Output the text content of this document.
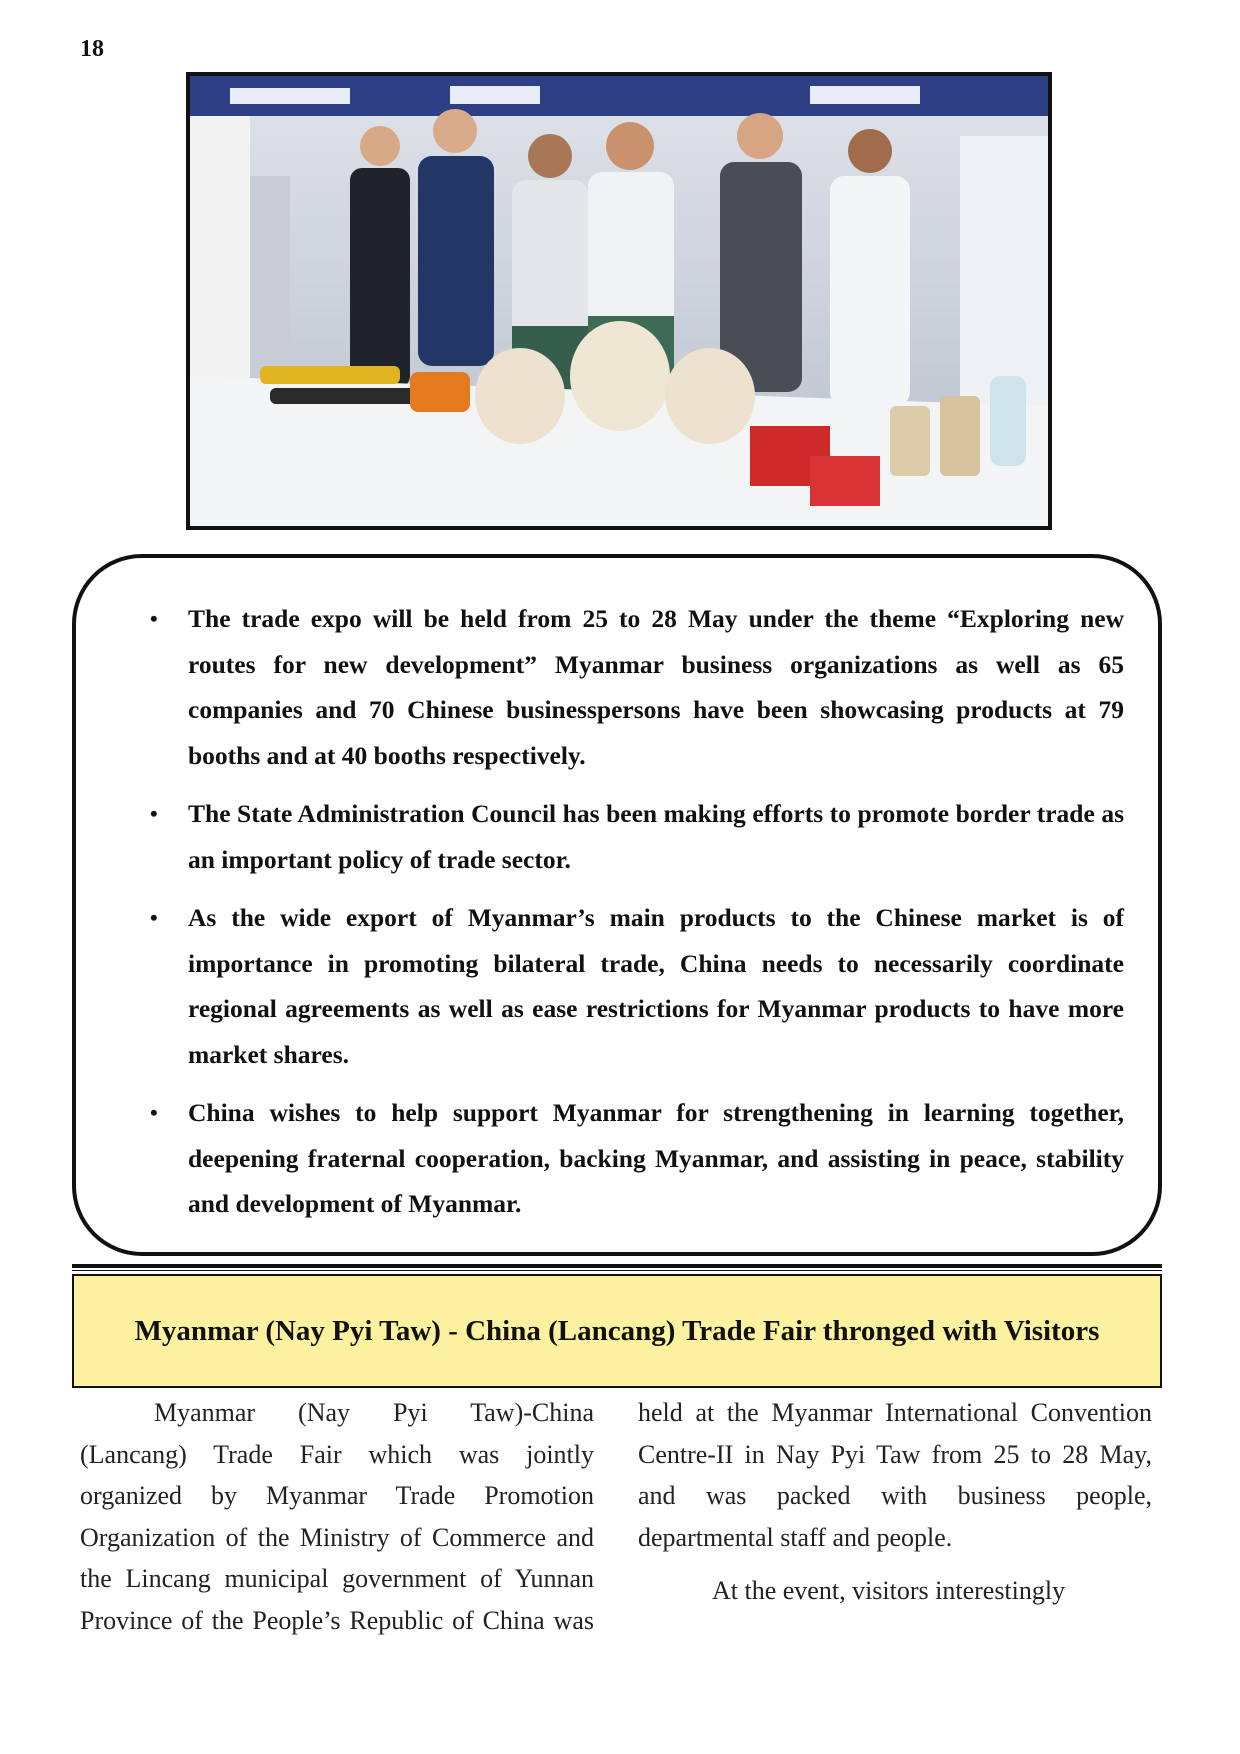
18
• The trade expo will be held from 25 to 28 May under the theme “Exploring new routes for new development” Myanmar business organizations as well as 65 companies and 70 Chinese businesspersons have been showcasing products at 79 booths and at 40 booths respectively.
• The State Administration Council has been making efforts to promote border trade as an important policy of trade sector.
• As the wide export of Myanmar’s main products to the Chinese market is of importance in promoting bilateral trade, China needs to necessarily coordinate regional agreements as well as ease restrictions for Myanmar products to have more market shares.
• China wishes to help support Myanmar for strengthening in learning together, deepening fraternal cooperation, backing Myanmar, and assisting in peace, stability and development of Myanmar.
Myanmar (Nay Pyi Taw) - China (Lancang) Trade Fair thronged with Visitors

Myanmar (Nay Pyi Taw)-China (Lancang) Trade Fair which was jointly organized by Myanmar Trade Promotion Organization of the Ministry of Commerce and the Lincang municipal government of Yunnan Province of the People’s Republic of China was held at the Myanmar International Convention Centre-II in Nay Pyi Taw from 25 to 28 May, and was packed with business people, departmental staff and people.

At the event, visitors interestingly
